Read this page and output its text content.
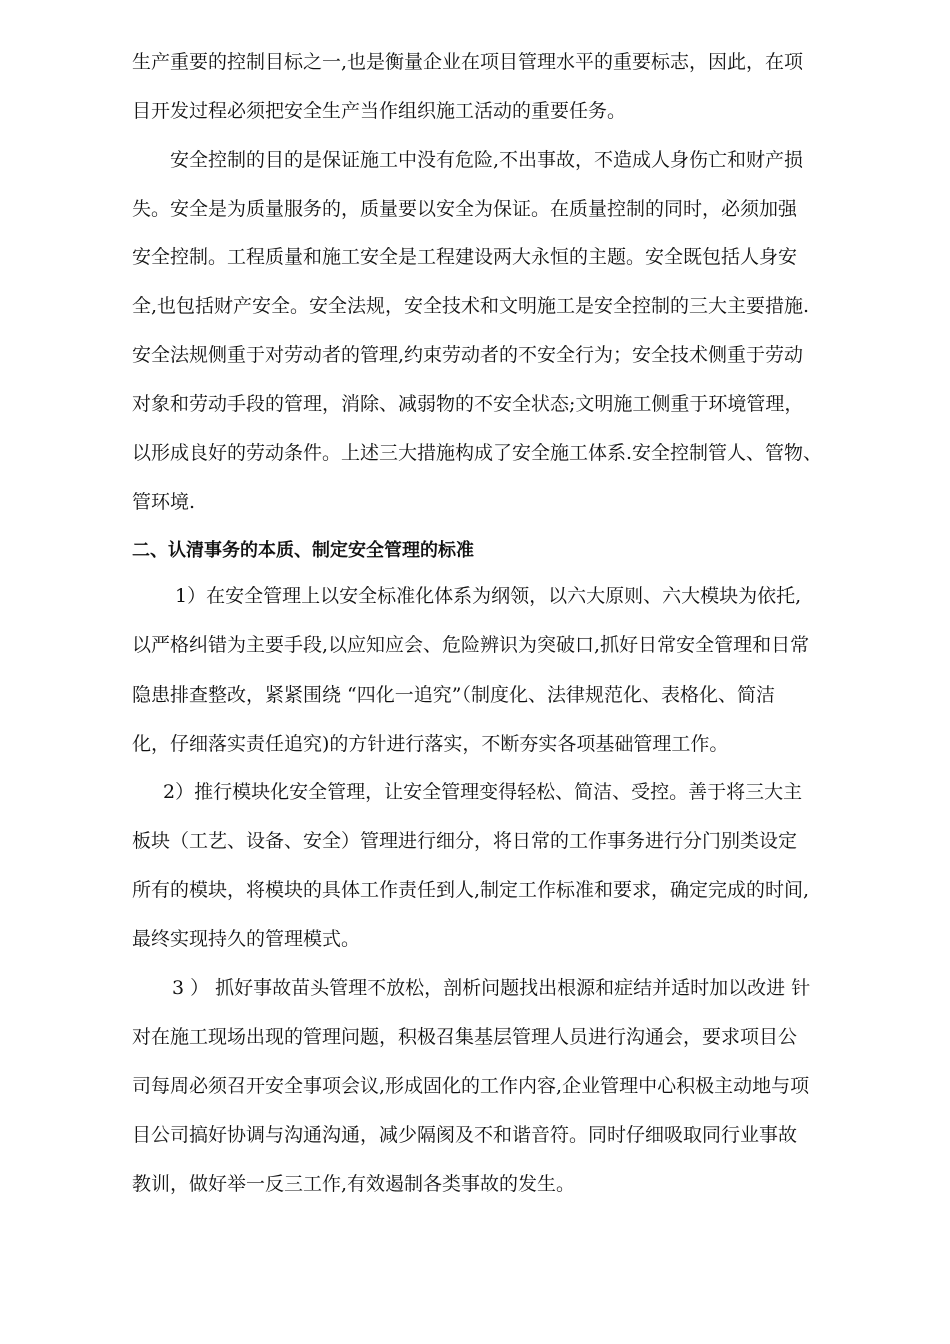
生产重要的控制目标之一,也是衡量企业在项目管理水平的重要标志，因此，在项
目开发过程必须把安全生产当作组织施工活动的重要任务。
安全控制的目的是保证施工中没有危险,不出事故，不造成人身伤亡和财产损
失。安全是为质量服务的，质量要以安全为保证。在质量控制的同时，必须加强
安全控制。工程质量和施工安全是工程建设两大永恒的主题。安全既包括人身安
全,也包括财产安全。安全法规，安全技术和文明施工是安全控制的三大主要措施.
安全法规侧重于对劳动者的管理,约束劳动者的不安全行为；安全技术侧重于劳动
对象和劳动手段的管理，消除、减弱物的不安全状态;文明施工侧重于环境管理，
以形成良好的劳动条件。上述三大措施构成了安全施工体系.安全控制管人、管物、
管环境.
二、认清事务的本质、制定安全管理的标准
1）在安全管理上以安全标准化体系为纲领，以六大原则、六大模块为依托,
以严格纠错为主要手段,以应知应会、危险辨识为突破口,抓好日常安全管理和日常
隐患排查整改，紧紧围绕 “四化一追究”（制度化、法律规范化、表格化、简洁
化，仔细落实责任追究)的方针进行落实，不断夯实各项基础管理工作。
2）推行模块化安全管理，让安全管理变得轻松、简洁、受控。善于将三大主
板块（工艺、设备、安全）管理进行细分，将日常的工作事务进行分门别类设定
所有的模块，将模块的具体工作责任到人,制定工作标准和要求，确定完成的时间,
最终实现持久的管理模式。
3 ） 抓好事故苗头管理不放松，剖析问题找出根源和症结并适时加以改进 针
对在施工现场出现的管理问题，积极召集基层管理人员进行沟通会，要求项目公
司每周必须召开安全事项会议,形成固化的工作内容,企业管理中心积极主动地与项
目公司搞好协调与沟通沟通，减少隔阂及不和谐音符。同时仔细吸取同行业事故
教训，做好举一反三工作,有效遏制各类事故的发生。
